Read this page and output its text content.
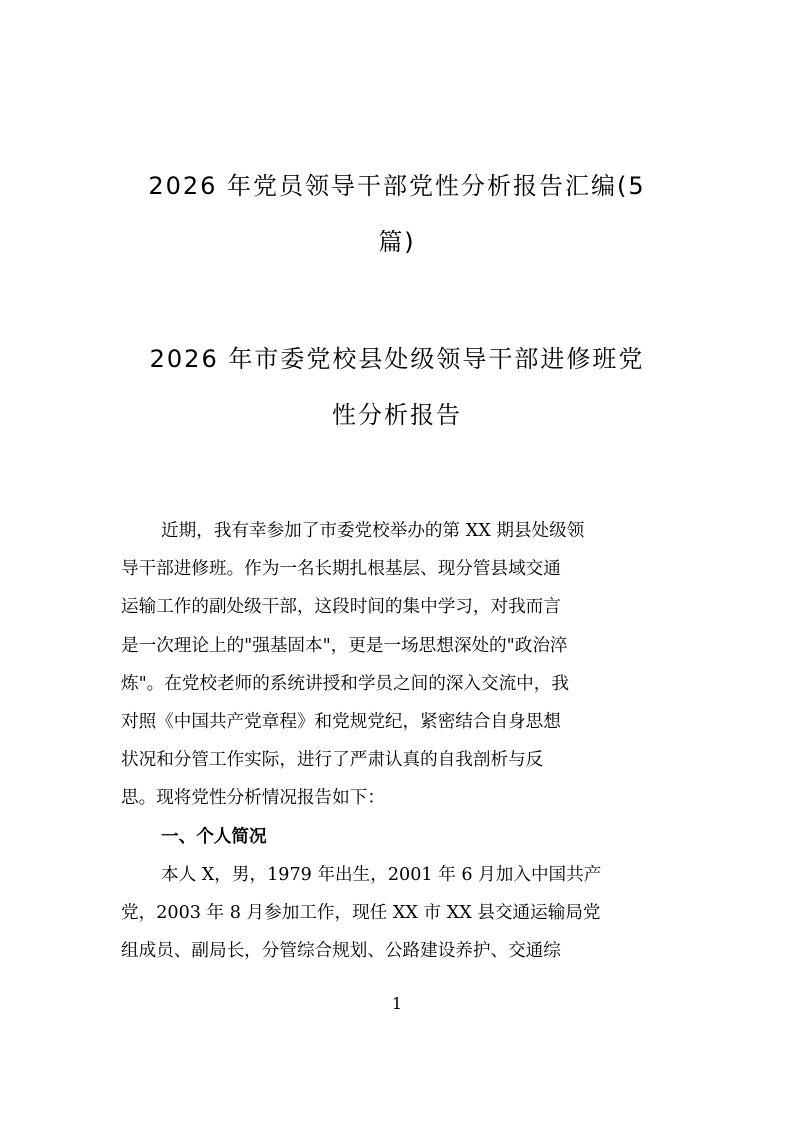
2026 年党员领导干部党性分析报告汇编(5
篇)
2026 年市委党校县处级领导干部进修班党
性分析报告

近期，我有幸参加了市委党校举办的第 XX 期县处级领
导干部进修班。作为一名长期扎根基层、现分管县域交通
运输工作的副处级干部，这段时间的集中学习，对我而言
是一次理论上的"强基固本"，更是一场思想深处的"政治淬
炼"。在党校老师的系统讲授和学员之间的深入交流中，我
对照《中国共产党章程》和党规党纪，紧密结合自身思想
状况和分管工作实际，进行了严肃认真的自我剖析与反
思。现将党性分析情况报告如下：

一、个人简况

本人 X，男，1979 年出生，2001 年 6 月加入中国共产
党，2003 年 8 月参加工作，现任 XX 市 XX 县交通运输局党
组成员、副局长，分管综合规划、公路建设养护、交通综

1
